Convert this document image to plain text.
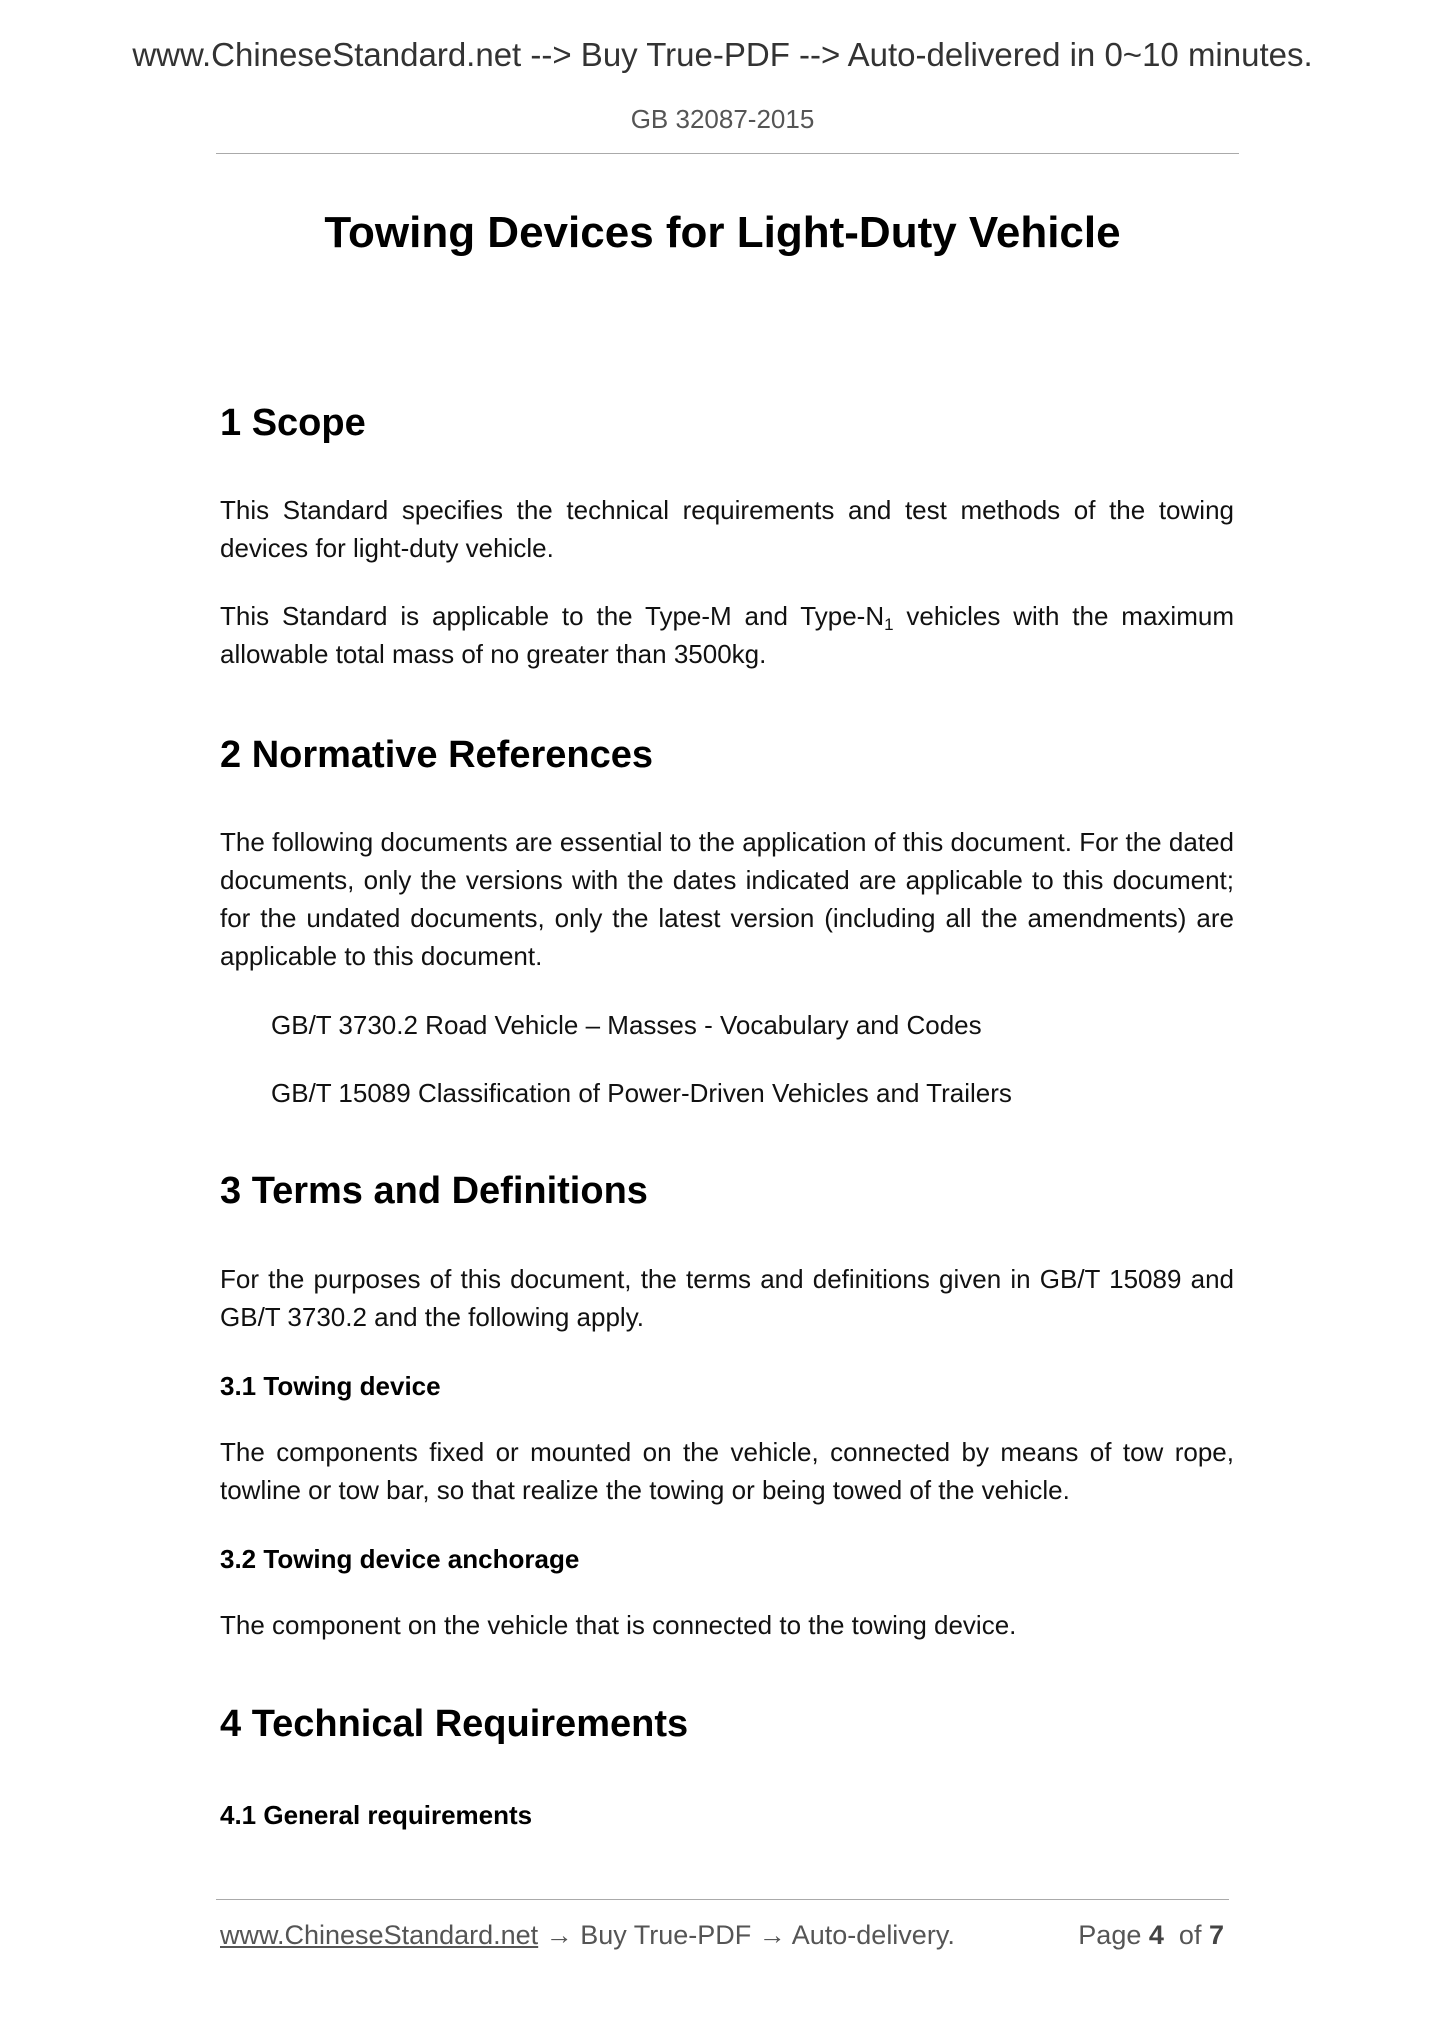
www.ChineseStandard.net --> Buy True-PDF --> Auto-delivered in 0~10 minutes.
GB 32087-2015
Towing Devices for Light-Duty Vehicle
1 Scope

This Standard specifies the technical requirements and test methods of the towing devices for light-duty vehicle.

This Standard is applicable to the Type-M and Type-$N_1$ vehicles with the maximum allowable total mass of no greater than 3500kg.

2 Normative References

The following documents are essential to the application of this document. For the dated documents, only the versions with the dates indicated are applicable to this document; for the undated documents, only the latest version (including all the amendments) are applicable to this document.

GB/T 3730.2 Road Vehicle – Masses - Vocabulary and Codes

GB/T 15089 Classification of Power-Driven Vehicles and Trailers

3 Terms and Definitions

For the purposes of this document, the terms and definitions given in GB/T 15089 and GB/T 3730.2 and the following apply.

3.1 Towing device

The components fixed or mounted on the vehicle, connected by means of tow rope, towline or tow bar, so that realize the towing or being towed of the vehicle.

3.2 Towing device anchorage

The component on the vehicle that is connected to the towing device.

4 Technical Requirements
4.1 General requirements
www.ChineseStandard.net → Buy True-PDF → Auto-delivery.	Page 4 of 7
